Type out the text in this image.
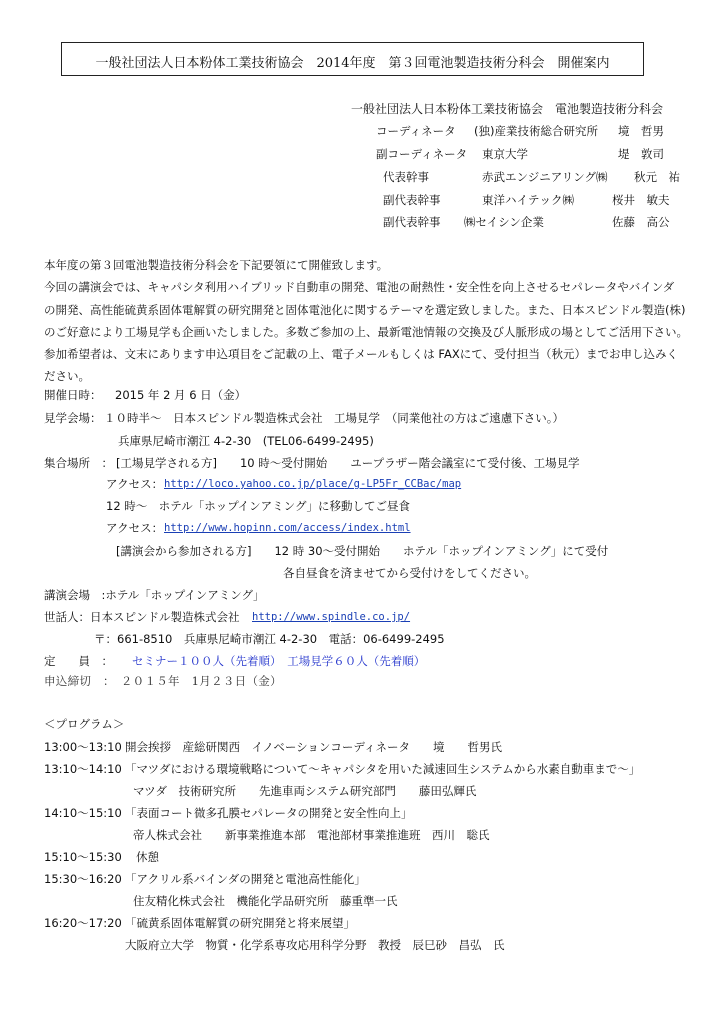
一般社団法人日本粉体工業技術協会　2014年度　第３回電池製造技術分科会　開催案内
一般社団法人日本粉体工業技術協会　電池製造技術分科会
コーディネータ (独)産業技術総合研究所 境　哲男
副コーディネータ 東京大学	堤　敦司
代表幹事	赤武エンジニアリング㈱ 秋元　祐
副代表幹事	東洋ハイテック㈱	桜井　敏夫
副代表幹事 ㈱セイシン企業	佐藤　高公
本年度の第３回電池製造技術分科会を下記要領にて開催致します。
今回の講演会では、キャパシタ利用ハイブリッド自動車の開発、電池の耐熱性・安全性を向上させるセパレータやバインダ
の開発、高性能硫黄系固体電解質の研究開発と固体電池化に関するテーマを選定致しました。また、日本スピンドル製造(株)
のご好意により工場見学も企画いたしました。多数ご参加の上、最新電池情報の交換及び人脈形成の場としてご活用下さい。
参加希望者は、文末にあります申込項目をご記載の上、電子メールもしくは FAXにて、受付担当（秋元）までお申し込みく
ださい。
開催日時： 2015 年 2 月 6 日（金）
見学会場： １０時半～　日本スピンドル製造株式会社　工場見学　（同業他社の方はご遠慮下さい。）
兵庫県尼崎市潮江 4-2-30　(TEL06-6499-2495)
集合場所　： [工場見学される方]　　10 時～受付開始　　ユープラザー階会議室にて受付後、工場見学
アクセス： http://loco.yahoo.co.jp/place/g-LP5Fr_CCBac/map
12 時～　ホテル「ホップインアミング」に移動してご昼食
アクセス： http://www.hopinn.com/access/index.html
[講演会から参加される方]　　12 時 30～受付開始　　ホテル「ホップインアミング」にて受付
各自昼食を済ませてから受付けをしてください。
講演会場　:ホテル「ホップインアミング」
世話人：日本スピンドル製造株式会社 http://www.spindle.co.jp/
〒：661-8510　兵庫県尼崎市潮江 4-2-30　電話：06-6499-2495
定　　員　： セミナー１００人（先着順）　工場見学６０人（先着順）
申込締切　：　２０１５年　1月２３日（金）
＜プログラム＞
13:00～13:10 開会挨拶　産総研関西　イノベーションコーディネータ　　境　　哲男氏
13:10～14:10 「マツダにおける環境戦略について～キャパシタを用いた減速回生システムから水素自動車まで～」
マツダ　技術研究所　　先進車両システム研究部門　　藤田弘輝氏
14:10～15:10 「表面コート微多孔膜セパレータの開発と安全性向上」
帝人株式会社　　新事業推進本部　電池部材事業推進班　西川　聡氏
15:10～15:30 休憩
15:30～16:20 「アクリル系バインダの開発と電池高性能化」
住友精化株式会社　機能化学品研究所　藤重準一氏
16:20～17:20 「硫黄系固体電解質の研究開発と将来展望」
大阪府立大学　物質・化学系専攻応用科学分野　教授　辰巳砂　昌弘　氏
